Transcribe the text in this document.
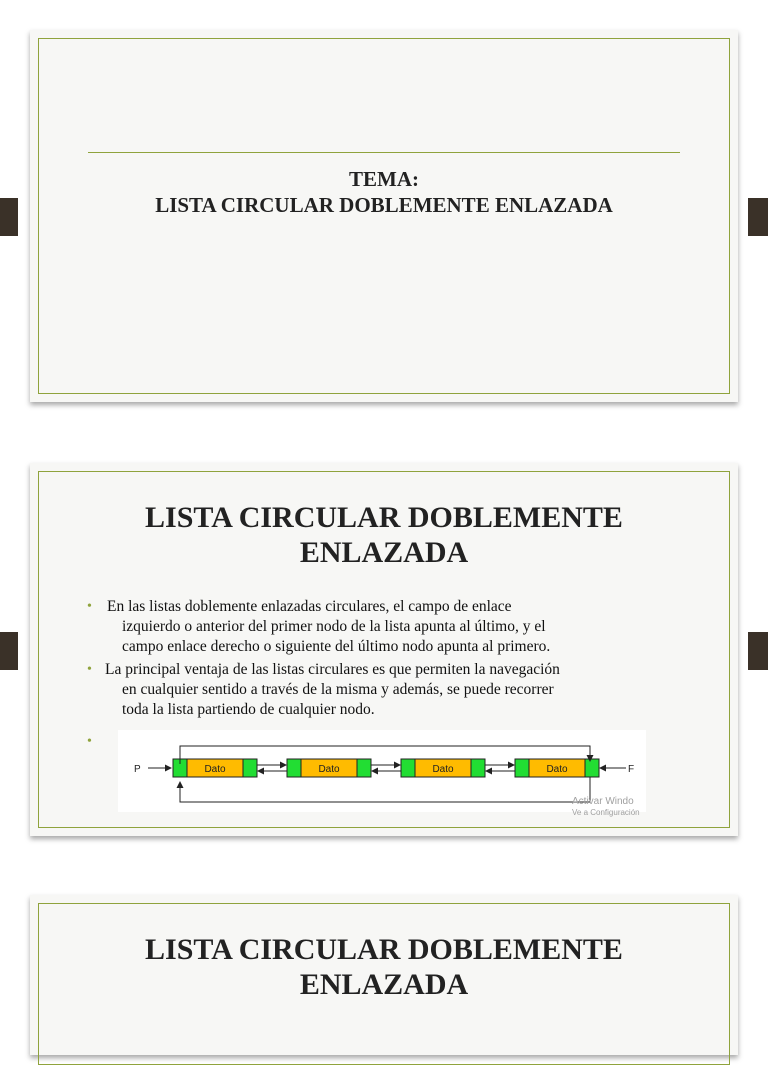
TEMA:
LISTA CIRCULAR DOBLEMENTE ENLAZADA
LISTA CIRCULAR DOBLEMENTE
ENLAZADA
• En las listas doblemente enlazadas circulares, el campo de enlace
izquierdo o anterior del primer nodo de la lista apunta al último, y el
campo enlace derecho o siguiente del último nodo apunta al primero.
• La principal ventaja de las listas circulares es que permiten la navegación
en cualquier sentido a través de la misma y además, se puede recorrer
toda la lista partiendo de cualquier nodo.
•
Dato	Dato	Dato	Dato
P	F
Activar Windo
Ve a Configuración
LISTA CIRCULAR DOBLEMENTE
ENLAZADA
